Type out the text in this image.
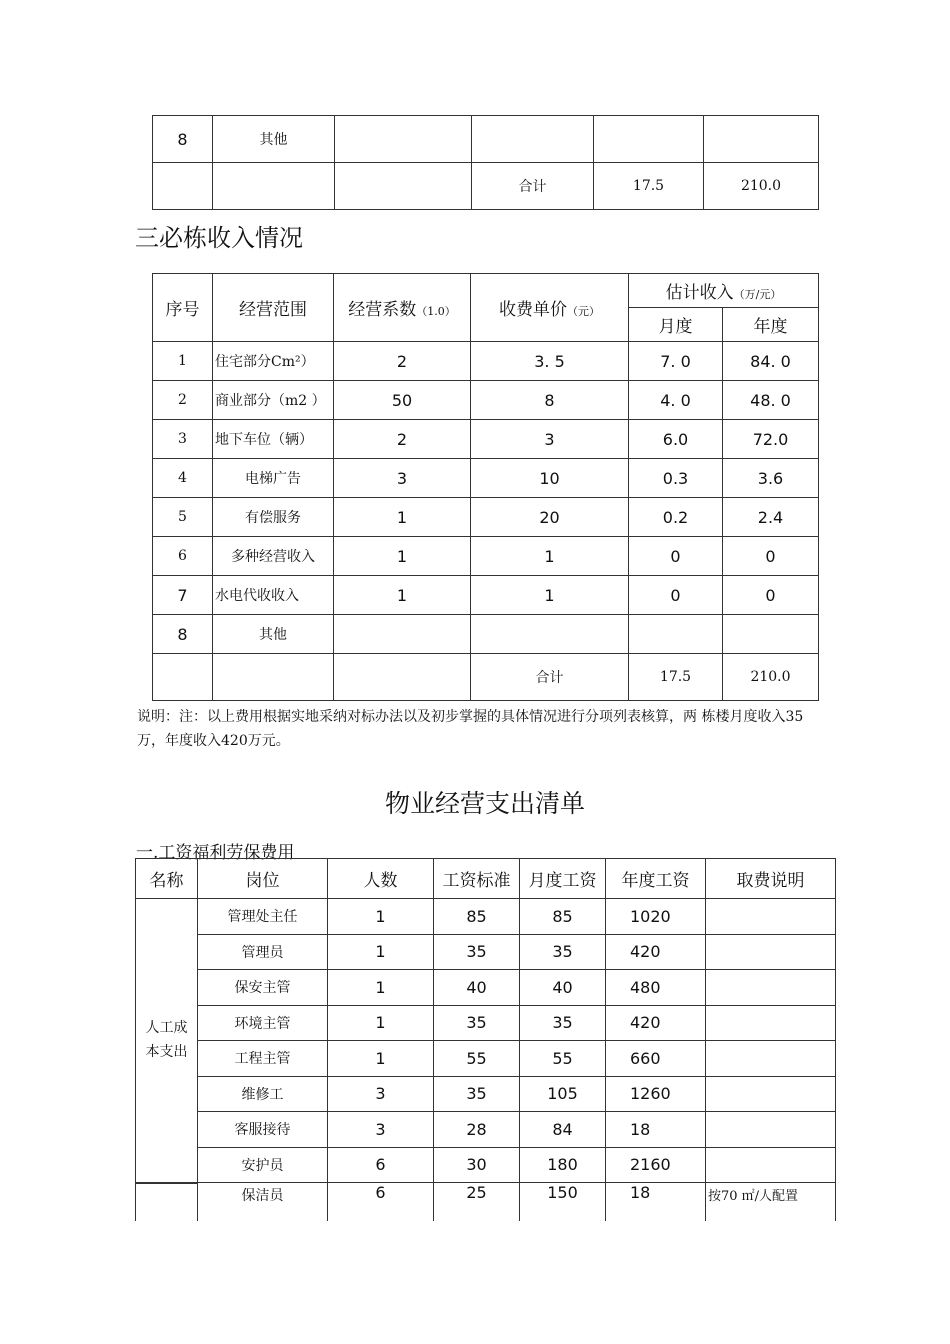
8	其他				
			合计	17.5	210.0
三必栋收入情况
序号	经营范围	经营系数（1.0）	收费单价（元）	估计收入（万/元）	
				月度	年度
1	住宅部分Cm²）	2	3. 5	7. 0	84. 0
2	商业部分（m2 ）	50	8	4. 0	48. 0
3	地下车位（辆）	2	3	6.0	72.0
4	电梯广告	3	10	0.3	3.6
5	有偿服务	1	20	0.2	2.4
6	多种经营收入	1	1	0	0
7	水电代收收入	1	1	0	0
8	其他				
			合计	17.5	210.0

说明：注：以上费用根据实地采纳对标办法以及初步掌握的具体情况进行分项列表核算，两 栋楼月度收入35万，年度收入420万元。

物业经营支出清单
一.工资福利劳保费用
名称	岗位	人数	工资标准	月度工资	年度工资	取费说明
人工成本支出	管理处主任	1	85	85	1020	
	管理员	1	35	35	420	
	保安主管	1	40	40	480	
	环境主管	1	35	35	420	
	工程主管	1	55	55	660	
	维修工	3	35	105	1260	
	客服接待	3	28	84	18	
	安护员	6	30	180	2160	
	保洁员	6	25	150	18	按70 ㎡/人配置
